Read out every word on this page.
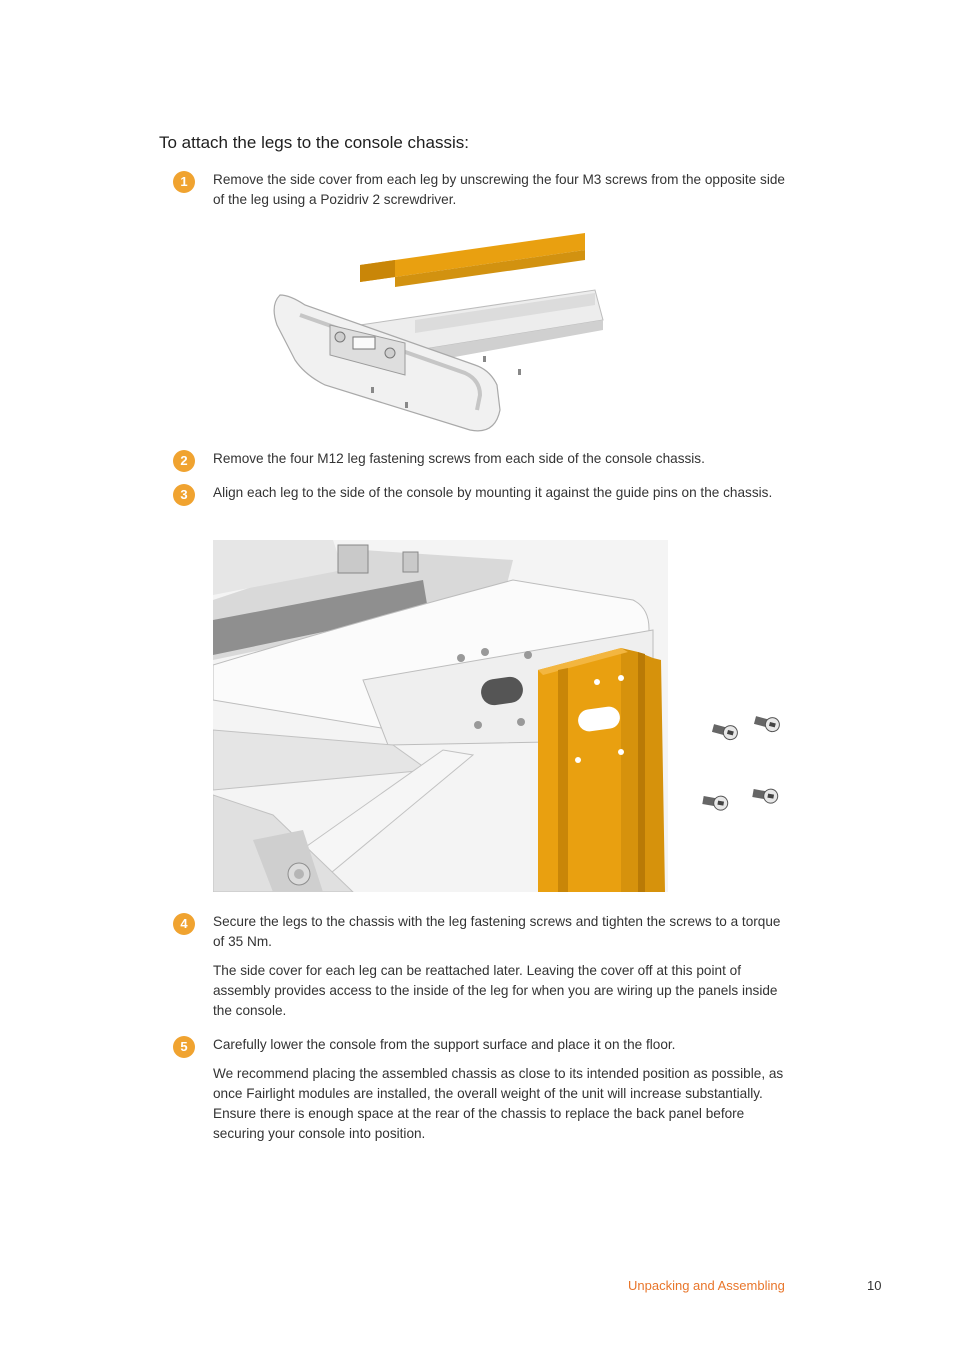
To attach the legs to the console chassis:
1	Remove the side cover from each leg by unscrewing the four M3 screws from the opposite side of the leg using a Pozidriv 2 screwdriver.

2	Remove the four M12 leg fastening screws from each side of the console chassis.

3	Align each leg to the side of the console by mounting it against the guide pins on the chassis.

4	Secure the legs to the chassis with the leg fastening screws and tighten the screws to a torque of 35 Nm.

The side cover for each leg can be reattached later. Leaving the cover off at this point of assembly provides access to the inside of the leg for when you are wiring up the panels inside the console.

5	Carefully lower the console from the support surface and place it on the floor.

We recommend placing the assembled chassis as close to its intended position as possible, as once Fairlight modules are installed, the overall weight of the unit will increase substantially. Ensure there is enough space at the rear of the chassis to replace the back panel before securing your console into position.

Unpacking and Assembling	10
